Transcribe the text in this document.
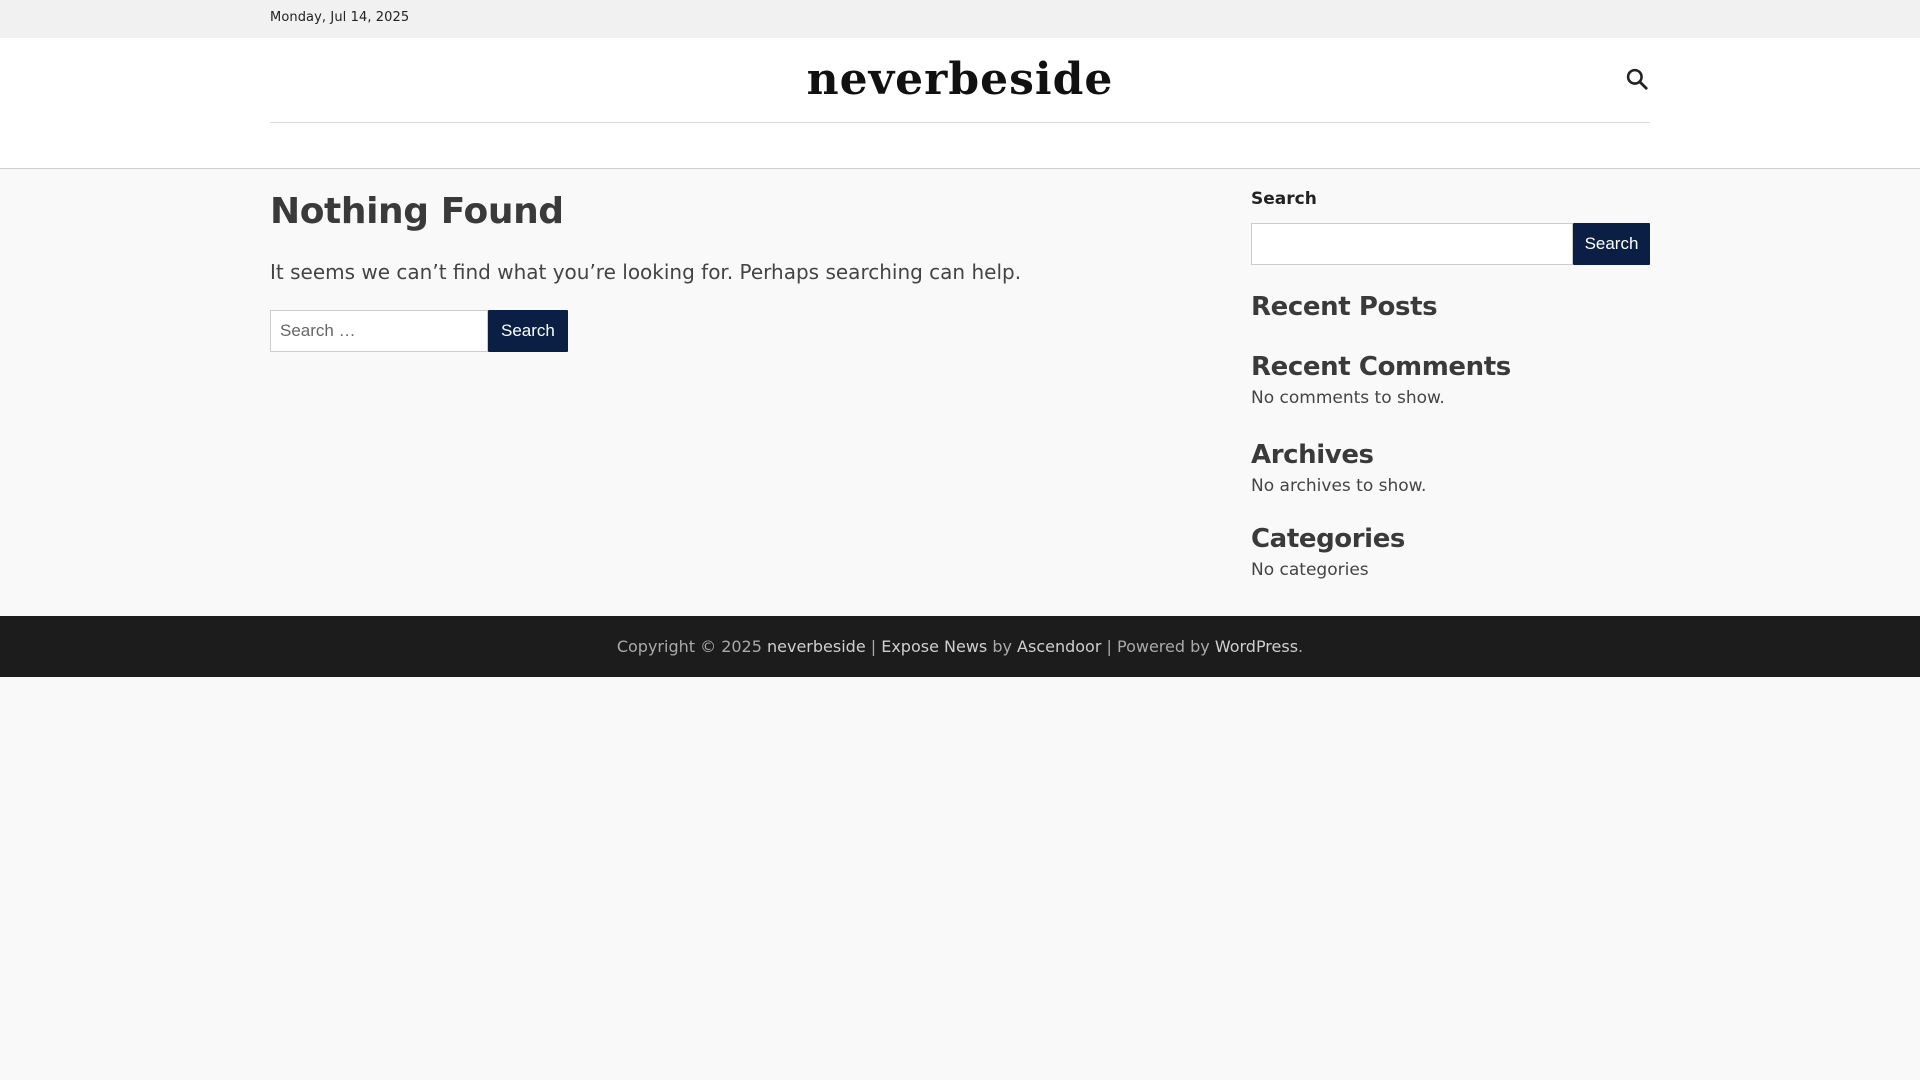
Monday, Jul 14, 2025
neverbeside
Nothing Found

It seems we can’t find what you’re looking for. Perhaps searching can help.

Search …
Search
Search
Search
Recent Posts
Recent Comments

No comments to show.

Archives

No archives to show.

Categories

No categories

Copyright © 2025 neverbeside | Expose News by Ascendoor | Powered by WordPress.
